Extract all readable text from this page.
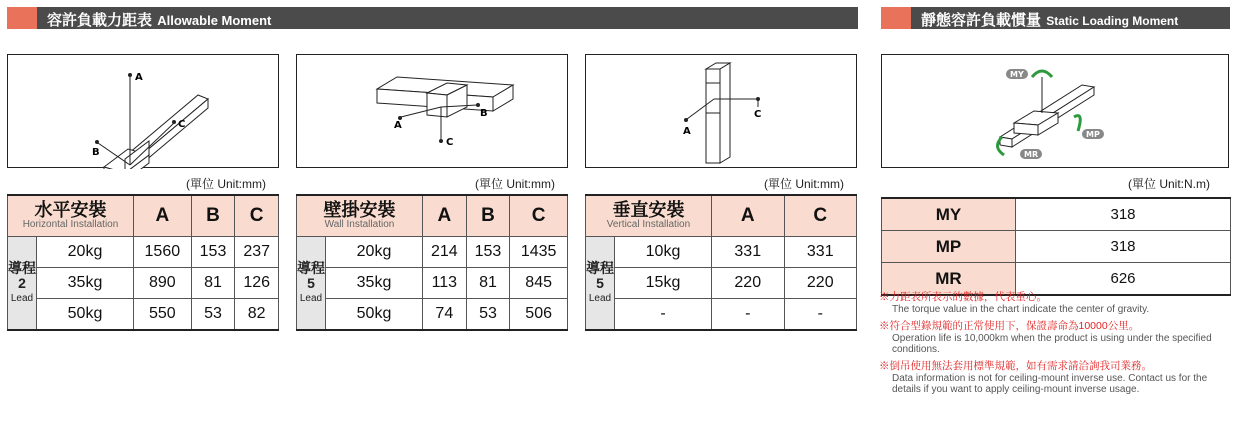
容許負載力距表 Allowable Moment	靜態容許負載慣量 Static Loading Moment
A
C
B
A
C
B
A
C
MY
MP
MR
(單位 Unit:mm)	(單位 Unit:mm)	(單位 Unit:mm)	(單位 Unit:N.m)
水平安裝
Horizontal Installation		A	B	C
導程
2
Lead	20kg	1560	153	237
	35kg	890	81	126
	50kg	550	53	82
壁掛安裝
Wall Installation		A	B	C
導程
5
Lead	20kg	214	153	1435
	35kg	113	81	845
	50kg	74	53	506
垂直安裝
Vertical Installation		A	C
導程
5
Lead	10kg	331	331
	15kg	220	220
	-	-	-
MY	318
MP	318
MR	626
※力距表所表示的數據，代表重心。
The torque value in the chart indicate the center of gravity.
※符合型錄規範的正常使用下，保證壽命為10000公里。
Operation life is 10,000km when the product is using under the specified conditions.
※倒吊使用無法套用標準規範，如有需求請洽詢我司業務。
Data information is not for ceiling-mount inverse use. Contact us for the details if you want to apply ceiling-mount inverse usage.
